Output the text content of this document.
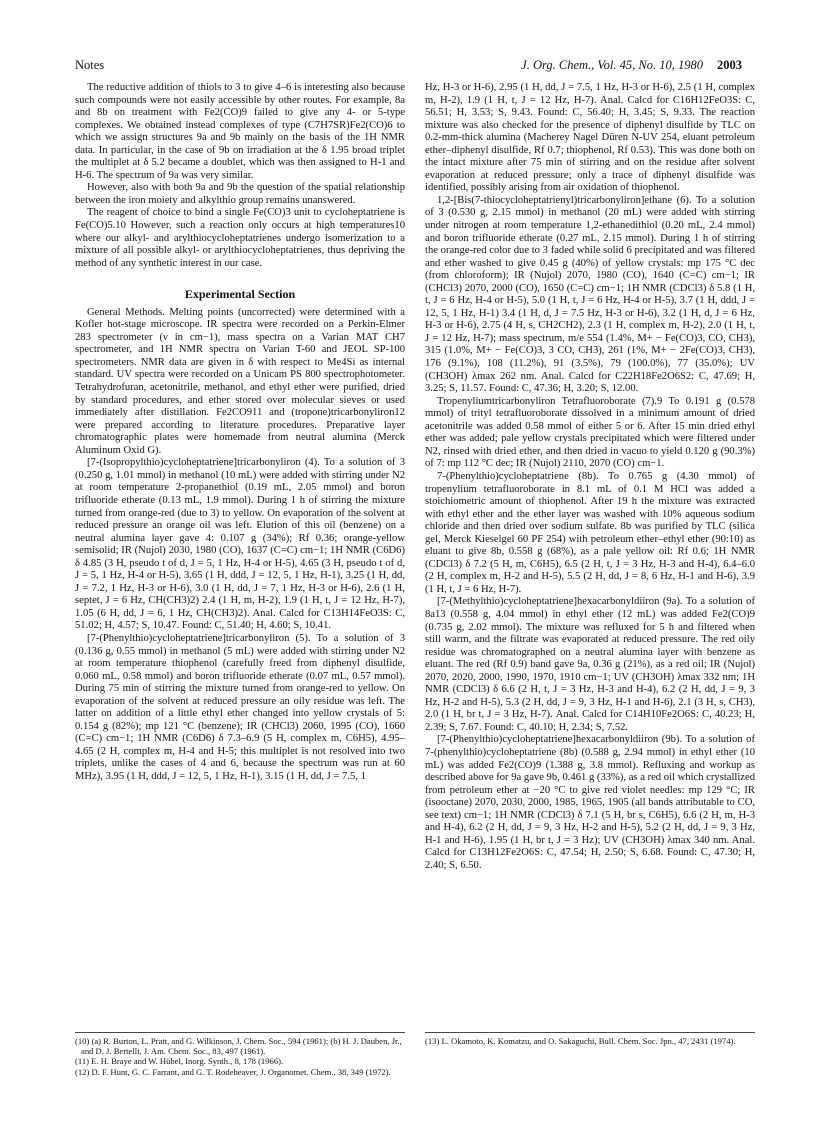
Notes	J. Org. Chem., Vol. 45, No. 10, 1980 2003

The reductive addition of thiols to 3 to give 4–6 is interesting also because such compounds were not easily accessible by other routes. For example, 8a and 8b on treatment with Fe2(CO)9 failed to give any 4- or 5-type complexes. We obtained instead complexes of type (C7H7SR)Fe2(CO)6 to which we assign structures 9a and 9b mainly on the basis of the 1H NMR data. In particular, in the case of 9b on irradiation at the δ 1.95 broad triplet the multiplet at δ 5.2 became a doublet, which was then assigned to H-1 and H-6. The spectrum of 9a was very similar.

However, also with both 9a and 9b the question of the spatial relationship between the iron moiety and alkylthio group remains unanswered.

The reagent of choice to bind a single Fe(CO)3 unit to cycloheptatriene is Fe(CO)5.10 However, such a reaction only occurs at high temperatures10 where our alkyl- and arylthiocycloheptatrienes undergo isomerization to a mixture of all possible alkyl- or arylthiocycloheptatrienes, thus depriving the method of any synthetic interest in our case.

Experimental Section

General Methods. Melting points (uncorrected) were determined with a Kofler hot-stage microscope. IR spectra were recorded on a Perkin-Elmer 283 spectrometer (ν in cm−1), mass spectra on a Varian MAT CH7 spectrometer, and 1H NMR spectra on Varian T-60 and JEOL SP-100 spectrometers. NMR data are given in δ with respect to Me4Si as internal standard. UV spectra were recorded on a Unicam PS 800 spectrophotometer. Tetrahydrofuran, acetonitrile, methanol, and ethyl ether were purified, dried by standard procedures, and ether stored over molecular sieves or used immediately after distillation. Fe2CO911 and (tropone)tricarbonyliron12 were prepared according to literature procedures. Preparative layer chromatographic plates were homemade from neutral alumina (Merck Aluminum Oxid G).

[7-(Isopropylthio)cycloheptatriene]tricarbonyliron (4). To a solution of 3 (0.250 g, 1.01 mmol) in methanol (10 mL) were added with stirring under N2 at room temperature 2-propanethiol (0.19 mL, 2.05 mmol) and boron trifluoride etherate (0.13 mL, 1.9 mmol). During 1 h of stirring the mixture turned from orange-red (due to 3) to yellow. On evaporation of the solvent at reduced pressure an orange oil was left. Elution of this oil (benzene) on a neutral alumina layer gave 4: 0.107 g (34%); Rf 0.36; orange-yellow semisolid; IR (Nujol) 2030, 1980 (CO), 1637 (C=C) cm−1; 1H NMR (C6D6) δ 4.85 (3 H, pseudo t of d, J = 5, 1 Hz, H-4 or H-5), 4.65 (3 H, pseudo t of d, J = 5, 1 Hz, H-4 or H-5), 3.65 (1 H, ddd, J = 12, 5, 1 Hz, H-1), 3.25 (1 H, dd, J = 7.2, 1 Hz, H-3 or H-6), 3.0 (1 H, dd, J = 7, 1 Hz, H-3 or H-6), 2.6 (1 H, septet, J = 6 Hz, CH(CH3)2) 2.4 (1 H, m, H-2), 1.9 (1 H, t, J = 12 Hz, H-7), 1.05 (6 H, dd, J = 6, 1 Hz, CH(CH3)2). Anal. Calcd for C13H14FeO3S: C, 51.02; H, 4.57; S, 10.47. Found: C, 51.40; H, 4.60; S, 10.41.

[7-(Phenylthio)cycloheptatriene]tricarbonyliron (5). To a solution of 3 (0.136 g, 0.55 mmol) in methanol (5 mL) were added with stirring under N2 at room temperature thiophenol (carefully freed from diphenyl disulfide, 0.060 mL, 0.58 mmol) and boron trifluoride etherate (0.07 mL, 0.57 mmol). During 75 min of stirring the mixture turned from orange-red to yellow. On evaporation of the solvent at reduced pressure an oily residue was left. The latter on addition of a little ethyl ether changed into yellow crystals of 5: 0.154 g (82%); mp 121 °C (benzene); IR (CHCl3) 2060, 1995 (CO), 1660 (C=C) cm−1; 1H NMR (C6D6) δ 7.3–6.9 (5 H, complex m, C6H5), 4.95–4.65 (2 H, complex m, H-4 and H-5; this multiplet is not resolved into two triplets, unlike the cases of 4 and 6, because the spectrum was run at 60 MHz), 3.95 (1 H, ddd, J = 12, 5, 1 Hz, H-1), 3.15 (1 H, dd, J = 7.5, 1

Hz, H-3 or H-6), 2.95 (1 H, dd, J = 7.5, 1 Hz, H-3 or H-6), 2.5 (1 H, complex m, H-2), 1.9 (1 H, t, J = 12 Hz, H-7). Anal. Calcd for C16H12FeO3S: C, 56.51; H, 3.53; S, 9.43. Found: C, 56.40; H, 3.45; S, 9.33. The reaction mixture was also checked for the presence of diphenyl disulfide by TLC on 0.2-mm-thick alumina (Macherey Nagel Düren N-UV 254, eluant petroleum ether–diphenyl disulfide, Rf 0.7; thiophenol, Rf 0.53). This was done both on the intact mixture after 75 min of stirring and on the residue after solvent evaporation at reduced pressure; only a trace of diphenyl disulfide was identified, possibly arising from air oxidation of thiophenol.

1,2-[Bis(7-thiocycloheptatrienyl)tricarbonyliron]ethane (6). To a solution of 3 (0.530 g, 2.15 mmol) in methanol (20 mL) were added with stirring under nitrogen at room temperature 1,2-ethanedithiol (0.20 mL, 2.4 mmol) and boron trifluoride etherate (0.27 mL, 2.15 mmol). During 1 h of stirring the orange-red color due to 3 faded while solid 6 precipitated and was filtered and ether washed to give 0.45 g (40%) of yellow crystals: mp 175 °C dec (from chloroform); IR (Nujol) 2070, 1980 (CO), 1640 (C=C) cm−1; IR (CHCl3) 2070, 2000 (CO), 1650 (C=C) cm−1; 1H NMR (CDCl3) δ 5.8 (1 H, t, J = 6 Hz, H-4 or H-5), 5.0 (1 H, t, J = 6 Hz, H-4 or H-5), 3.7 (1 H, ddd, J = 12, 5, 1 Hz, H-1) 3.4 (1 H, d, J = 7.5 Hz, H-3 or H-6), 3.2 (1 H, d, J = 6 Hz, H-3 or H-6), 2.75 (4 H, s, CH2CH2), 2.3 (1 H, complex m, H-2), 2.0 (1 H, t, J = 12 Hz, H-7); mass spectrum, m/e 554 (1.4%, M+ − Fe(CO)3, CO, CH3), 315 (1.0%, M+ − Fe(CO)3, 3 CO, CH3), 261 (1%, M+ − 2Fe(CO)3, CH3), 176 (9.1%), 108 (11.2%), 91 (3.5%), 79 (100.0%), 77 (35.0%); UV (CH3OH) λmax 262 nm. Anal. Calcd for C22H18Fe2O6S2: C, 47.69; H, 3.25; S, 11.57. Found: C, 47.36; H, 3.20; S, 12.00.

Tropenyliumtricarbonyliron Tetrafluoroborate (7).9 To 0.191 g (0.578 mmol) of trityl tetrafluoroborate dissolved in a minimum amount of dried acetonitrile was added 0.58 mmol of either 5 or 6. After 15 min dried ethyl ether was added; pale yellow crystals precipitated which were filtered under N2, rinsed with dried ether, and then dried in vacuo to yield 0.120 g (90.3%) of 7: mp 112 °C dec; IR (Nujol) 2110, 2070 (CO) cm−1.

7-(Phenylthio)cycloheptatriene (8b). To 0.765 g (4.30 mmol) of tropenylium tetrafluoroborate in 8.1 mL of 0.1 M HCl was added a stoichiometric amount of thiophenol. After 19 h the mixture was extracted with ethyl ether and the ether layer was washed with 10% aqueous sodium chloride and then dried over sodium sulfate. 8b was purified by TLC (silica gel, Merck Kieselgel 60 PF 254) with petroleum ether–ethyl ether (90:10) as eluant to give 8b, 0.558 g (68%), as a pale yellow oil: Rf 0.6; 1H NMR (CDCl3) δ 7.2 (5 H, m, C6H5), 6.5 (2 H, t, J = 3 Hz, H-3 and H-4), 6.4–6.0 (2 H, complex m, H-2 and H-5), 5.5 (2 H, dd, J = 8, 6 Hz, H-1 and H-6), 3.9 (1 H, t, J = 6 Hz, H-7).

[7-(Methylthio)cycloheptatriene]hexacarbonyldiiron (9a). To a solution of 8a13 (0.558 g, 4.04 mmol) in ethyl ether (12 mL) was added Fe2(CO)9 (0.735 g, 2.02 mmol). The mixture was refluxed for 5 h and filtered when still warm, and the filtrate was evaporated at reduced pressure. The red oily residue was chromatographed on a neutral alumina layer with benzene as eluant. The red (Rf 0.9) band gave 9a, 0.36 g (21%), as a red oil; IR (Nujol) 2070, 2020, 2000, 1990, 1970, 1910 cm−1; UV (CH3OH) λmax 332 nm; 1H NMR (CDCl3) δ 6.6 (2 H, t, J = 3 Hz, H-3 and H-4), 6.2 (2 H, dd, J = 9, 3 Hz, H-2 and H-5), 5.3 (2 H, dd, J = 9, 3 Hz, H-1 and H-6), 2.1 (3 H, s, CH3), 2.0 (1 H, br t, J = 3 Hz, H-7). Anal. Calcd for C14H10Fe2O6S: C, 40.23; H, 2.39; S, 7.67. Found: C, 40.10; H, 2.34; S, 7.52.

[7-(Phenylthio)cycloheptatriene]hexacarbonyldiiron (9b). To a solution of 7-(phenylthio)cycloheptatriene (8b) (0.588 g, 2.94 mmol) in ethyl ether (10 mL) was added Fe2(CO)9 (1.388 g, 3.8 mmol). Refluxing and workup as described above for 9a gave 9b, 0.461 g (33%), as a red oil which crystallized from petroleum ether at −20 °C to give red violet needles: mp 129 °C; IR (isooctane) 2070, 2030, 2000, 1985, 1965, 1905 (all bands attributable to CO, see text) cm−1; 1H NMR (CDCl3) δ 7.1 (5 H, br s, C6H5), 6.6 (2 H, m, H-3 and H-4), 6.2 (2 H, dd, J = 9, 3 Hz, H-2 and H-5), 5.2 (2 H, dd, J = 9, 3 Hz, H-1 and H-6), 1.95 (1 H, br t, J = 3 Hz); UV (CH3OH) λmax 340 nm. Anal. Calcd for C13H12Fe2O6S: C, 47.54; H, 2.50; S, 6.68. Found: C, 47.30; H, 2.40; S, 6.50.

(10) (a) R. Burton, L. Pratt, and G. Wilkinson, J. Chem. Soc., 594 (1961); (b) H. J. Dauben, Jr., and D. J. Bertelli, J. Am. Chem. Soc., 83, 497 (1961).

(11) E. H. Braye and W. Hübel, Inorg. Synth., 8, 178 (1966).

(12) D. F. Hunt, G. C. Farrant, and G. T. Rodeheaver, J. Organomet. Chem., 38, 349 (1972).

(13) L. Okamoto, K. Komatzu, and O. Sakaguchi, Bull. Chem. Soc. Jpn., 47, 2431 (1974).
